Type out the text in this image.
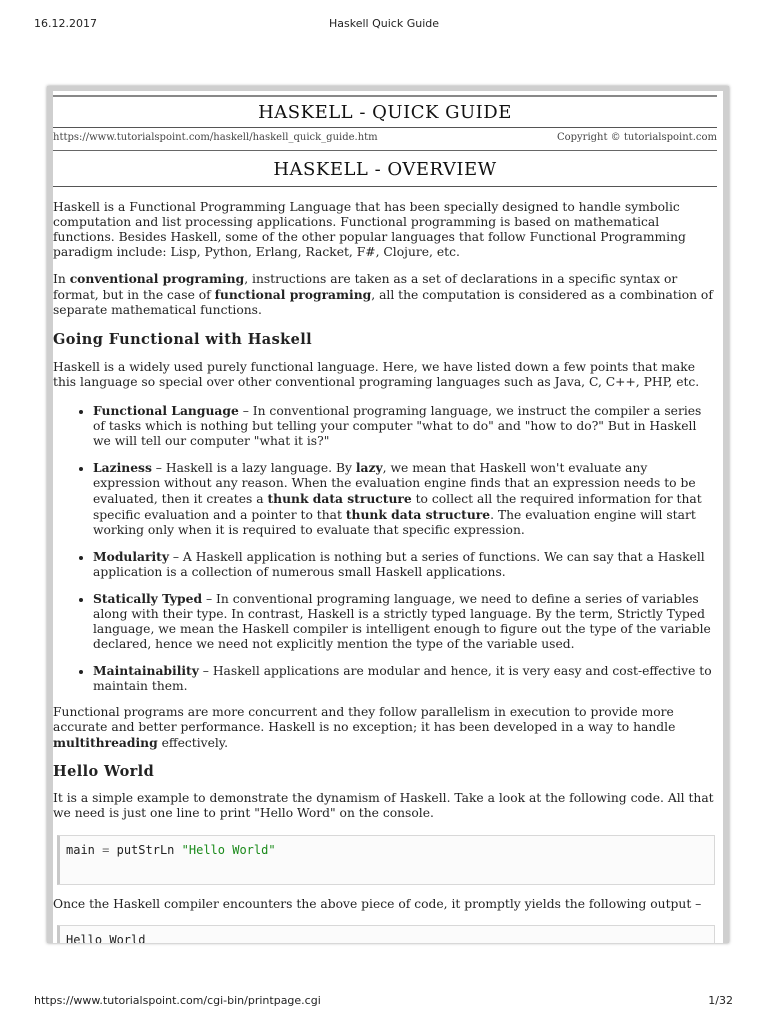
16.12.2017	Haskell Quick Guide
HASKELL - QUICK GUIDE
https://www.tutorialspoint.com/haskell/haskell_quick_guide.htm	Copyright © tutorialspoint.com
HASKELL - OVERVIEW

Haskell is a Functional Programming Language that has been specially designed to handle symbolic computation and list processing applications. Functional programming is based on mathematical functions. Besides Haskell, some of the other popular languages that follow Functional Programming paradigm include: Lisp, Python, Erlang, Racket, F#, Clojure, etc.

In conventional programing, instructions are taken as a set of declarations in a specific syntax or format, but in the case of functional programing, all the computation is considered as a combination of separate mathematical functions.

Going Functional with Haskell

Haskell is a widely used purely functional language. Here, we have listed down a few points that make this language so special over other conventional programing languages such as Java, C, C++, PHP, etc.

• Functional Language – In conventional programing language, we instruct the compiler a series of tasks which is nothing but telling your computer "what to do" and "how to do?" But in Haskell we will tell our computer "what it is?"
• Laziness – Haskell is a lazy language. By lazy, we mean that Haskell won't evaluate any expression without any reason. When the evaluation engine finds that an expression needs to be evaluated, then it creates a thunk data structure to collect all the required information for that specific evaluation and a pointer to that thunk data structure. The evaluation engine will start working only when it is required to evaluate that specific expression.
• Modularity – A Haskell application is nothing but a series of functions. We can say that a Haskell application is a collection of numerous small Haskell applications.
• Statically Typed – In conventional programing language, we need to define a series of variables along with their type. In contrast, Haskell is a strictly typed language. By the term, Strictly Typed language, we mean the Haskell compiler is intelligent enough to figure out the type of the variable declared, hence we need not explicitly mention the type of the variable used.
• Maintainability – Haskell applications are modular and hence, it is very easy and cost-effective to maintain them.

Functional programs are more concurrent and they follow parallelism in execution to provide more accurate and better performance. Haskell is no exception; it has been developed in a way to handle multithreading effectively.

Hello World

It is a simple example to demonstrate the dynamism of Haskell. Take a look at the following code. All that we need is just one line to print "Hello Word" on the console.

main = putStrLn "Hello World"

Once the Haskell compiler encounters the above piece of code, it promptly yields the following output –

Hello World
https://www.tutorialspoint.com/cgi-bin/printpage.cgi	1/32
